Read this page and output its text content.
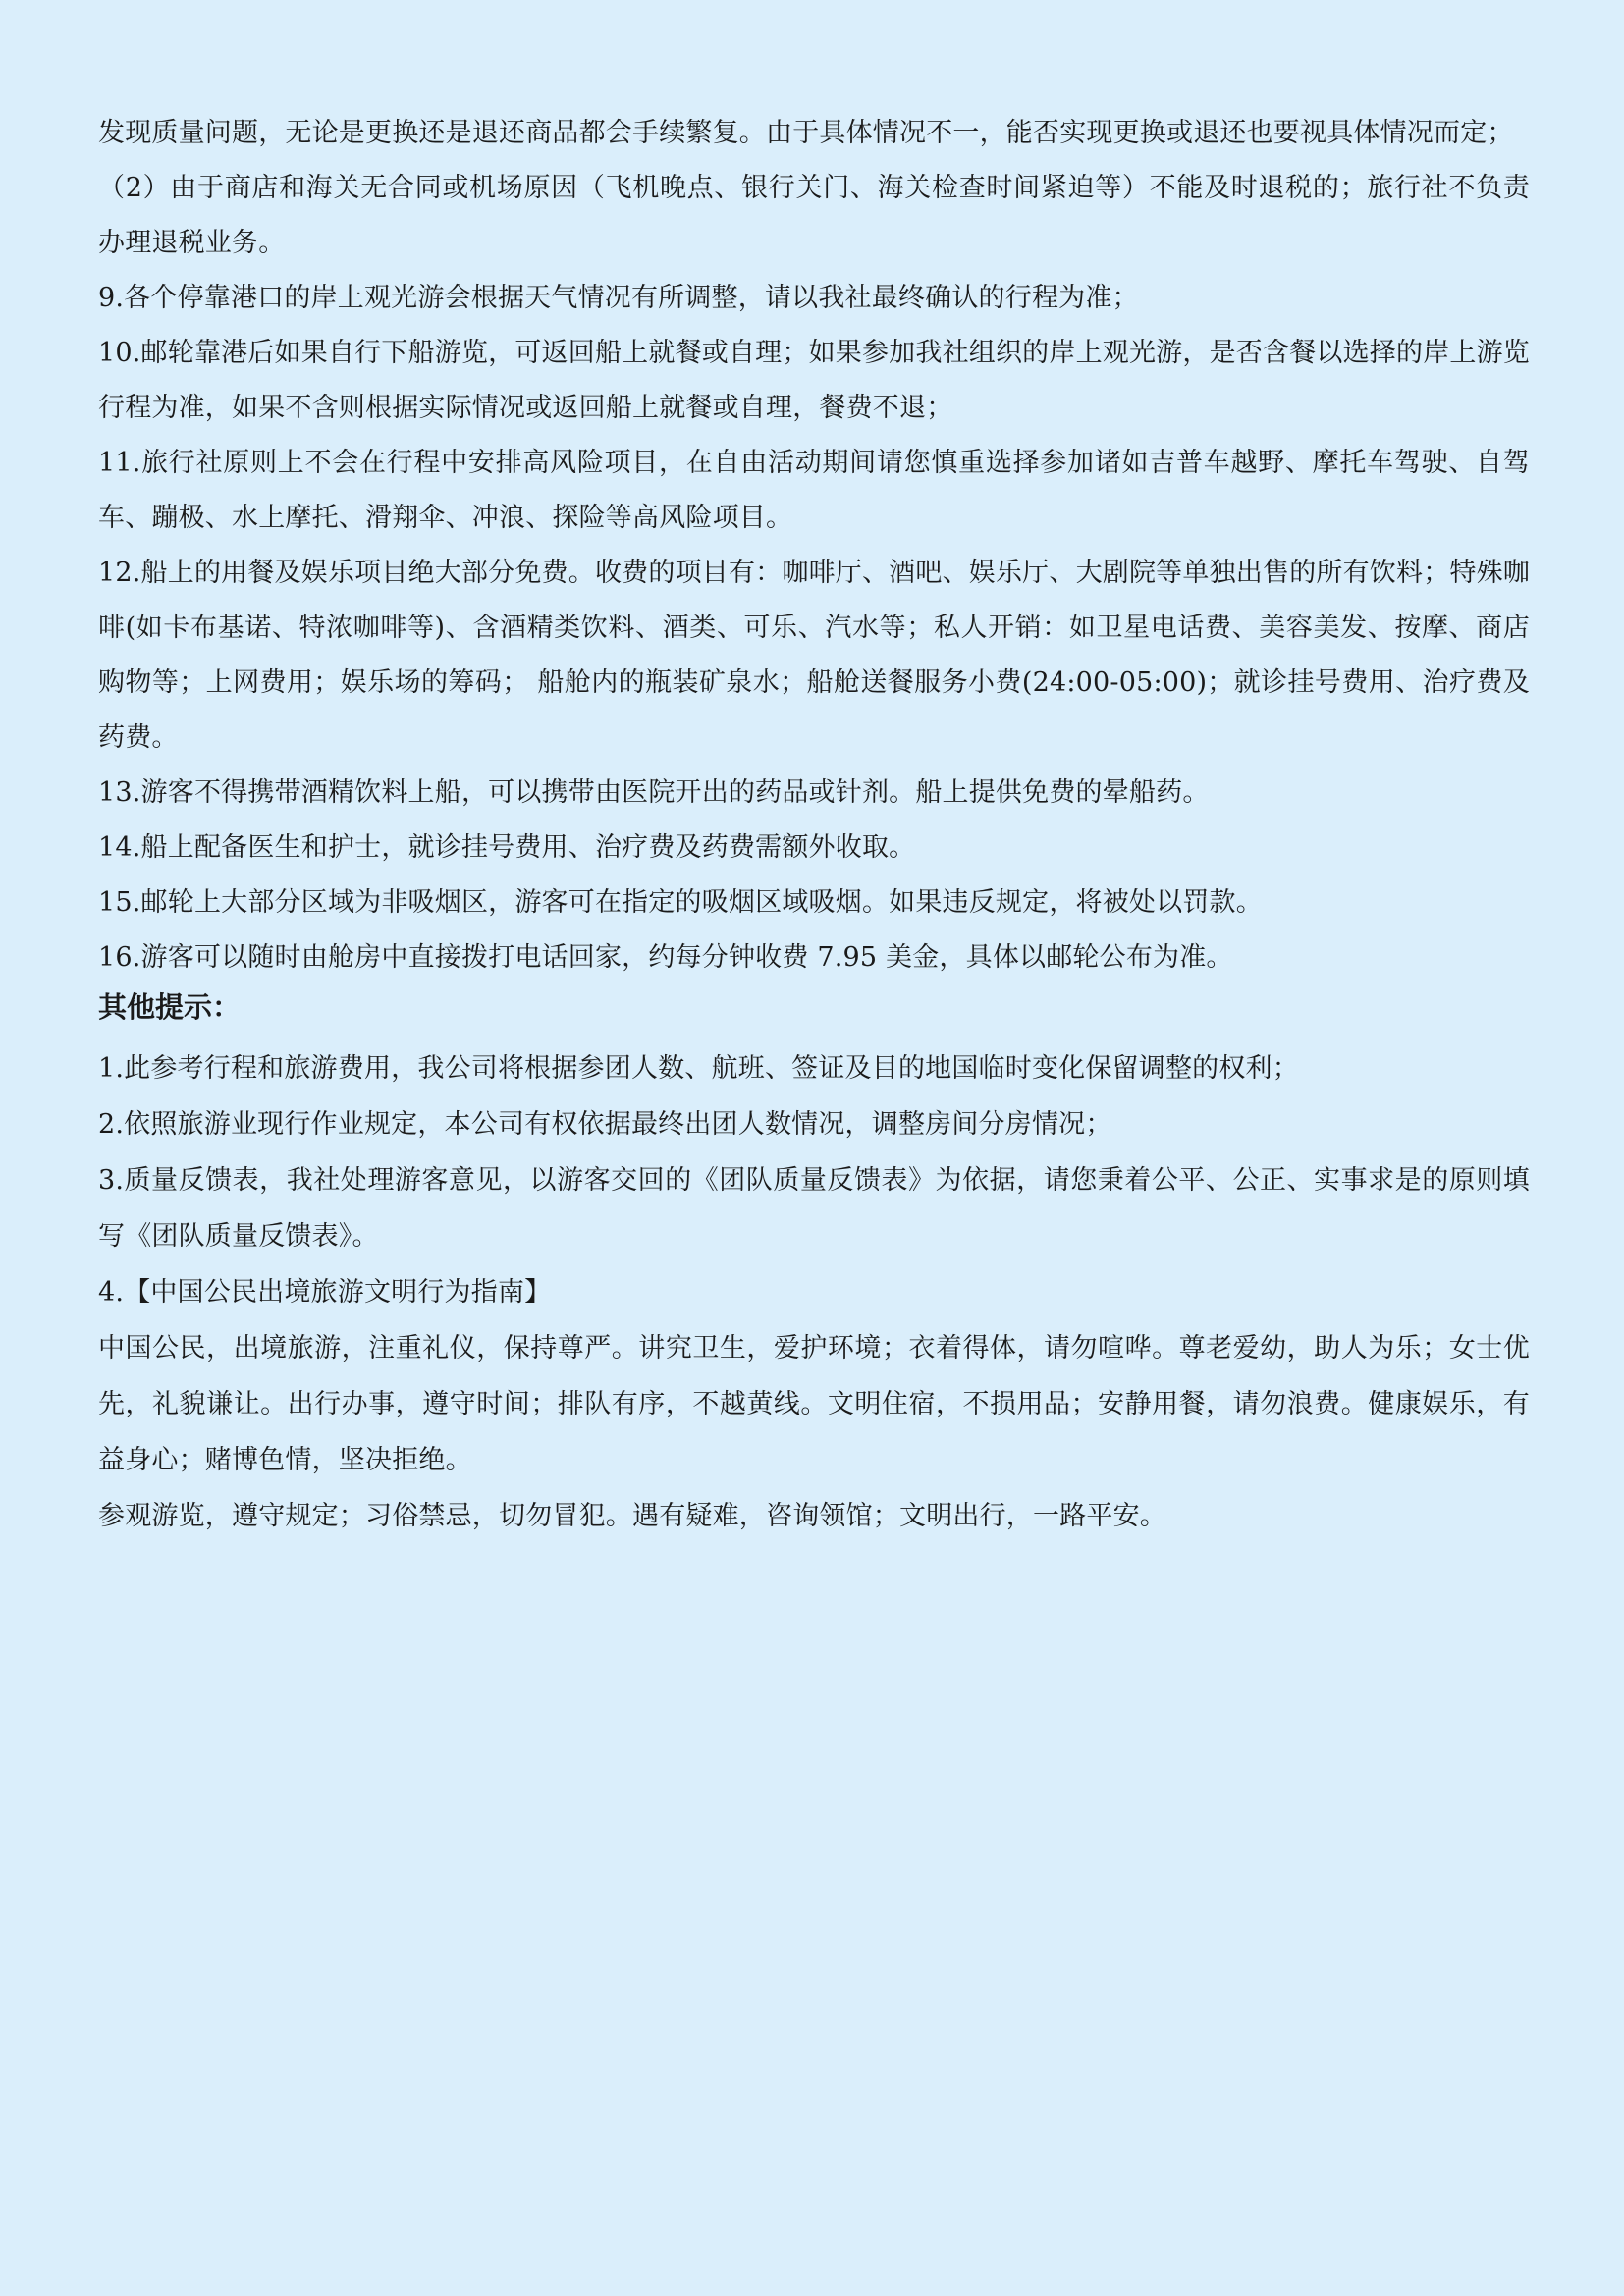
发现质量问题，无论是更换还是退还商品都会手续繁复。由于具体情况不一，能否实现更换或退还也要视具体情况而定；

（2）由于商店和海关无合同或机场原因（飞机晚点、银行关门、海关检查时间紧迫等）不能及时退税的；旅行社不负责办理退税业务。

9.各个停靠港口的岸上观光游会根据天气情况有所调整，请以我社最终确认的行程为准；

10.邮轮靠港后如果自行下船游览，可返回船上就餐或自理；如果参加我社组织的岸上观光游，是否含餐以选择的岸上游览行程为准，如果不含则根据实际情况或返回船上就餐或自理，餐费不退；

11.旅行社原则上不会在行程中安排高风险项目，在自由活动期间请您慎重选择参加诸如吉普车越野、摩托车驾驶、自驾车、蹦极、水上摩托、滑翔伞、冲浪、探险等高风险项目。

12.船上的用餐及娱乐项目绝大部分免费。收费的项目有：咖啡厅、酒吧、娱乐厅、大剧院等单独出售的所有饮料；特殊咖啡(如卡布基诺、特浓咖啡等)、含酒精类饮料、酒类、可乐、汽水等；私人开销：如卫星电话费、美容美发、按摩、商店购物等；上网费用；娱乐场的筹码； 船舱内的瓶装矿泉水；船舱送餐服务小费(24:00-05:00)；就诊挂号费用、治疗费及药费。

13.游客不得携带酒精饮料上船，可以携带由医院开出的药品或针剂。船上提供免费的晕船药。

14.船上配备医生和护士，就诊挂号费用、治疗费及药费需额外收取。

15.邮轮上大部分区域为非吸烟区，游客可在指定的吸烟区域吸烟。如果违反规定，将被处以罚款。

16.游客可以随时由舱房中直接拨打电话回家，约每分钟收费 7.95 美金，具体以邮轮公布为准。

其他提示：

1.此参考行程和旅游费用，我公司将根据参团人数、航班、签证及目的地国临时变化保留调整的权利；

2.依照旅游业现行作业规定，本公司有权依据最终出团人数情况，调整房间分房情况；

3.质量反馈表，我社处理游客意见，以游客交回的《团队质量反馈表》为依据，请您秉着公平、公正、实事求是的原则填写《团队质量反馈表》。

4.【中国公民出境旅游文明行为指南】

中国公民，出境旅游，注重礼仪，保持尊严。讲究卫生，爱护环境；衣着得体，请勿喧哗。尊老爱幼，助人为乐；女士优先，礼貌谦让。出行办事，遵守时间；排队有序，不越黄线。文明住宿，不损用品；安静用餐，请勿浪费。健康娱乐，有益身心；赌博色情，坚决拒绝。

参观游览，遵守规定；习俗禁忌，切勿冒犯。遇有疑难，咨询领馆；文明出行，一路平安。
